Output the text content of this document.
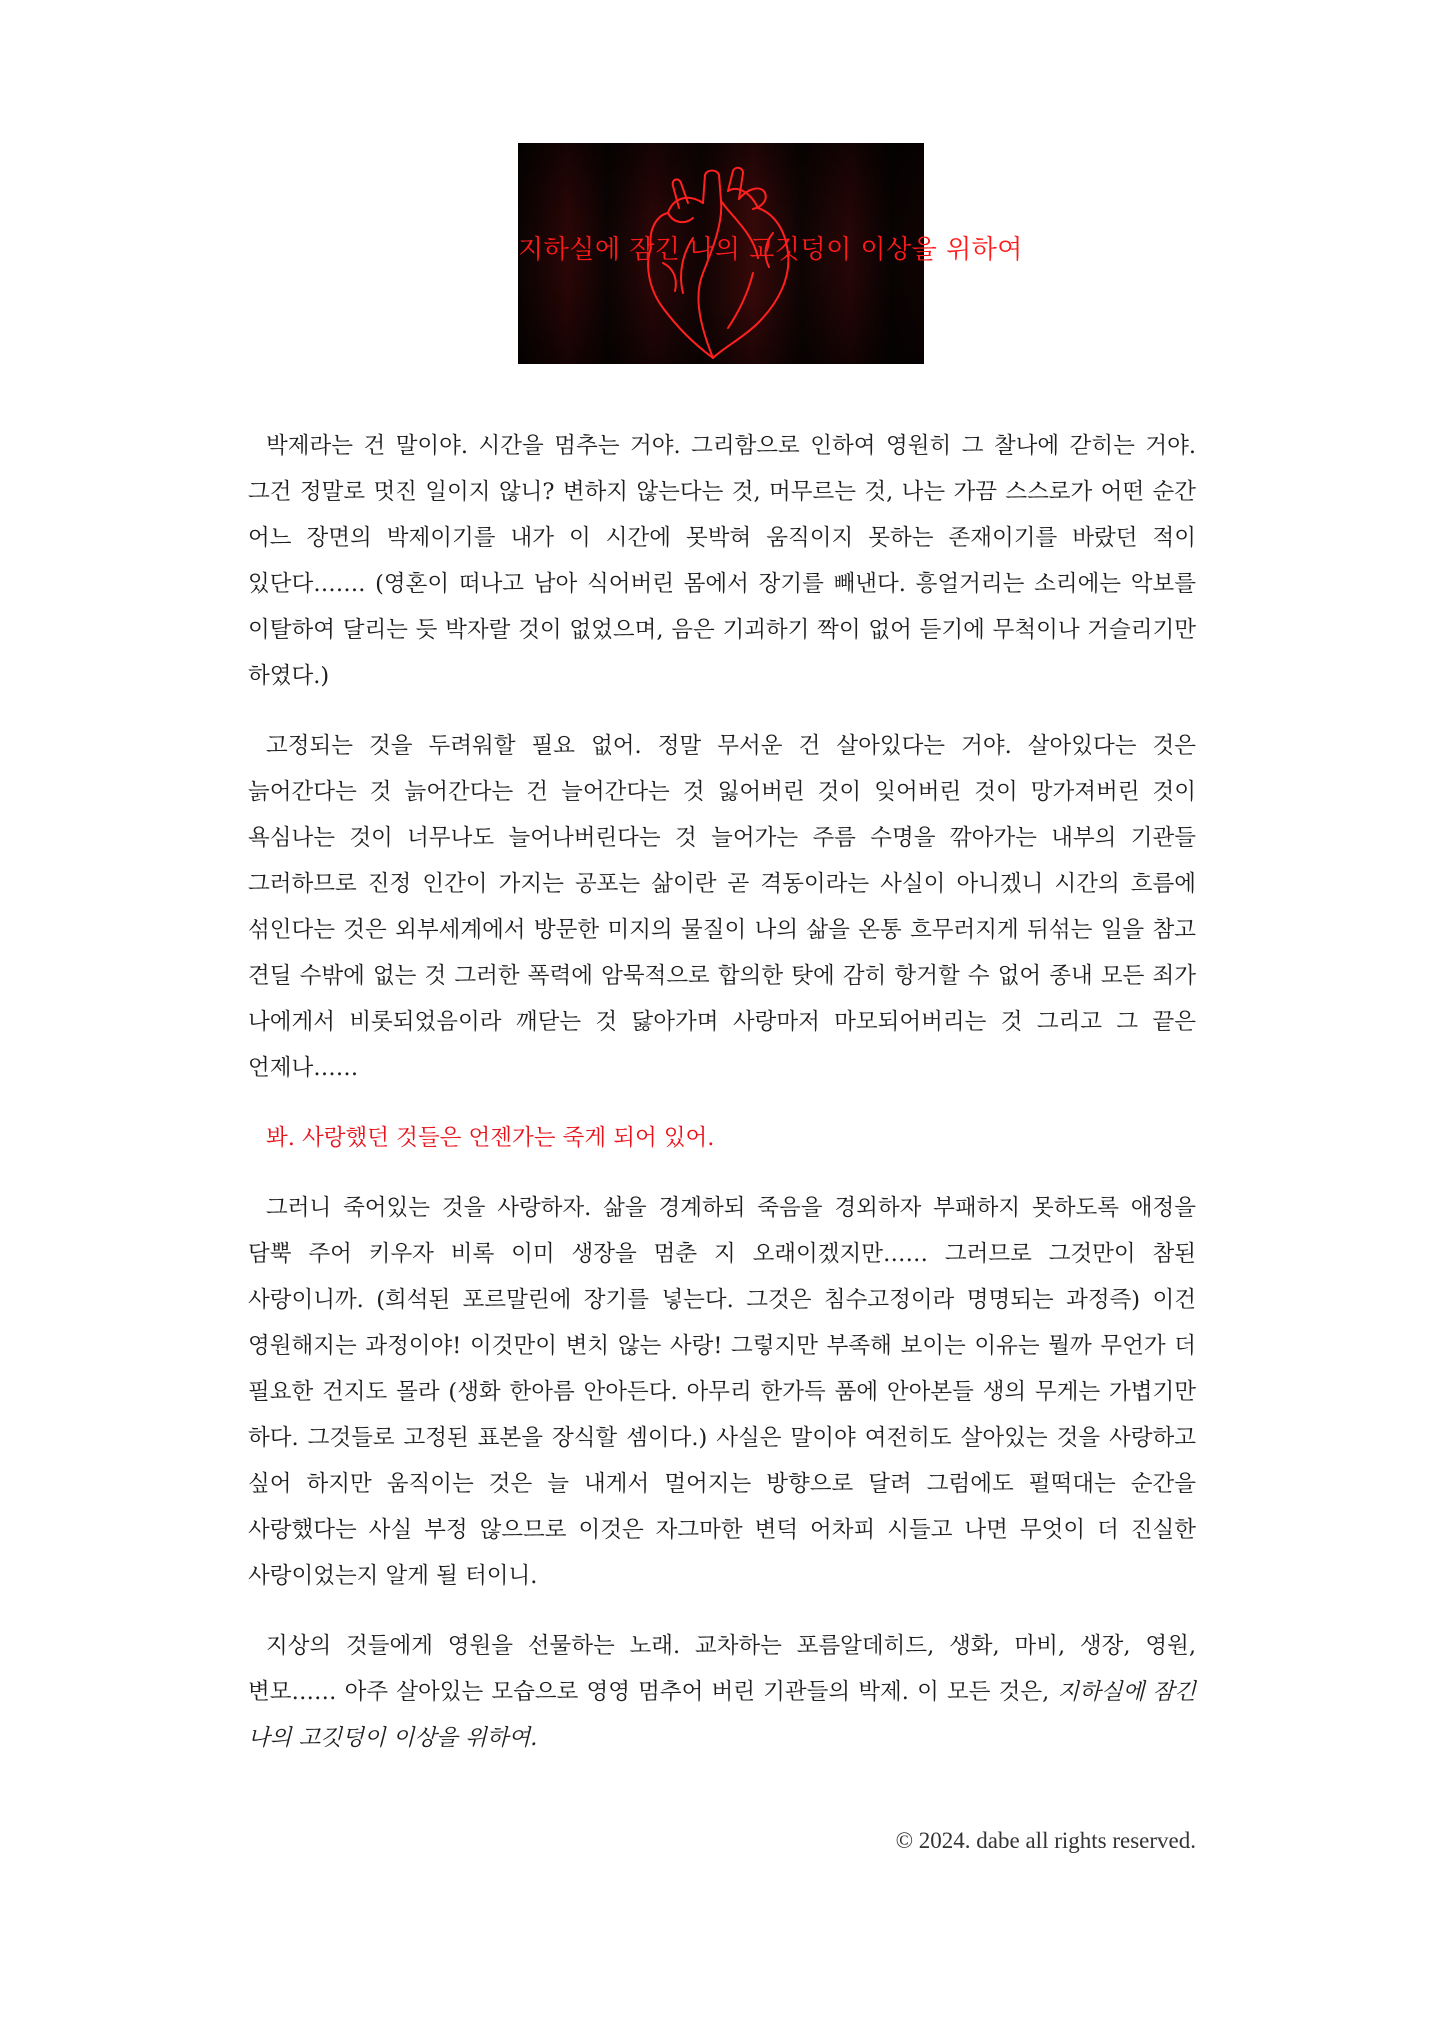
지하실에 잠긴 나의 고깃덩이 이상을 위하여

박제라는 건 말이야. 시간을 멈추는 거야. 그리함으로 인하여 영원히 그 찰나에 갇히는 거야. 그건 정말로 멋진 일이지 않니? 변하지 않는다는 것, 머무르는 것, 나는 가끔 스스로가 어떤 순간 어느 장면의 박제이기를 내가 이 시간에 못박혀 움직이지 못하는 존재이기를 바랐던 적이 있단다……. (영혼이 떠나고 남아 식어버린 몸에서 장기를 빼낸다. 흥얼거리는 소리에는 악보를 이탈하여 달리는 듯 박자랄 것이 없었으며, 음은 기괴하기 짝이 없어 듣기에 무척이나 거슬리기만 하였다.)

고정되는 것을 두려워할 필요 없어. 정말 무서운 건 살아있다는 거야. 살아있다는 것은 늙어간다는 것 늙어간다는 건 늘어간다는 것 잃어버린 것이 잊어버린 것이 망가져버린 것이 욕심나는 것이 너무나도 늘어나버린다는 것 늘어가는 주름 수명을 깎아가는 내부의 기관들 그러하므로 진정 인간이 가지는 공포는 삶이란 곧 격동이라는 사실이 아니겠니 시간의 흐름에 섞인다는 것은 외부세계에서 방문한 미지의 물질이 나의 삶을 온통 흐무러지게 뒤섞는 일을 참고 견딜 수밖에 없는 것 그러한 폭력에 암묵적으로 합의한 탓에 감히 항거할 수 없어 종내 모든 죄가 나에게서 비롯되었음이라 깨닫는 것 닳아가며 사랑마저 마모되어버리는 것 그리고 그 끝은 언제나……

봐. 사랑했던 것들은 언젠가는 죽게 되어 있어.

그러니 죽어있는 것을 사랑하자. 삶을 경계하되 죽음을 경외하자 부패하지 못하도록 애정을 담뿍 주어 키우자 비록 이미 생장을 멈춘 지 오래이겠지만…… 그러므로 그것만이 참된 사랑이니까. (희석된 포르말린에 장기를 넣는다. 그것은 침수고정이라 명명되는 과정즉) 이건 영원해지는 과정이야! 이것만이 변치 않는 사랑! 그렇지만 부족해 보이는 이유는 뭘까 무언가 더 필요한 건지도 몰라 (생화 한아름 안아든다. 아무리 한가득 품에 안아본들 생의 무게는 가볍기만 하다. 그것들로 고정된 표본을 장식할 셈이다.) 사실은 말이야 여전히도 살아있는 것을 사랑하고 싶어 하지만 움직이는 것은 늘 내게서 멀어지는 방향으로 달려 그럼에도 펄떡대는 순간을 사랑했다는 사실 부정 않으므로 이것은 자그마한 변덕 어차피 시들고 나면 무엇이 더 진실한 사랑이었는지 알게 될 터이니.

지상의 것들에게 영원을 선물하는 노래. 교차하는 포름알데히드, 생화, 마비, 생장, 영원, 변모…… 아주 살아있는 모습으로 영영 멈추어 버린 기관들의 박제. 이 모든 것은, 지하실에 잠긴 나의 고깃덩이 이상을 위하여.

© 2024. dabe all rights reserved.
